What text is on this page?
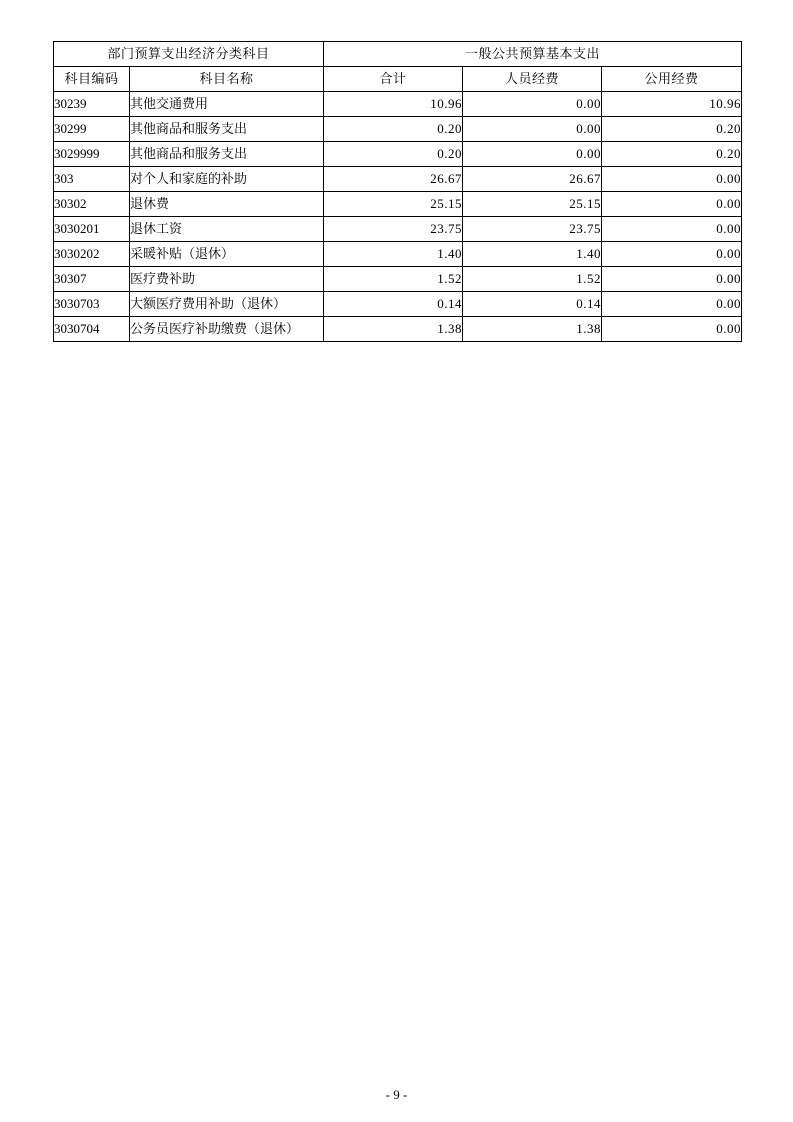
部门预算支出经济分类科目		一般公共预算基本支出		
科目编码	科目名称	合计	人员经费	公用经费
30239	其他交通费用	10.96	0.00	10.96
30299	其他商品和服务支出	0.20	0.00	0.20
3029999	其他商品和服务支出	0.20	0.00	0.20
303	对个人和家庭的补助	26.67	26.67	0.00
30302	退休费	25.15	25.15	0.00
3030201	退休工资	23.75	23.75	0.00
3030202	采暖补贴（退休）	1.40	1.40	0.00
30307	医疗费补助	1.52	1.52	0.00
3030703	大额医疗费用补助（退休）	0.14	0.14	0.00
3030704	公务员医疗补助缴费（退休）	1.38	1.38	0.00
- 9 -
